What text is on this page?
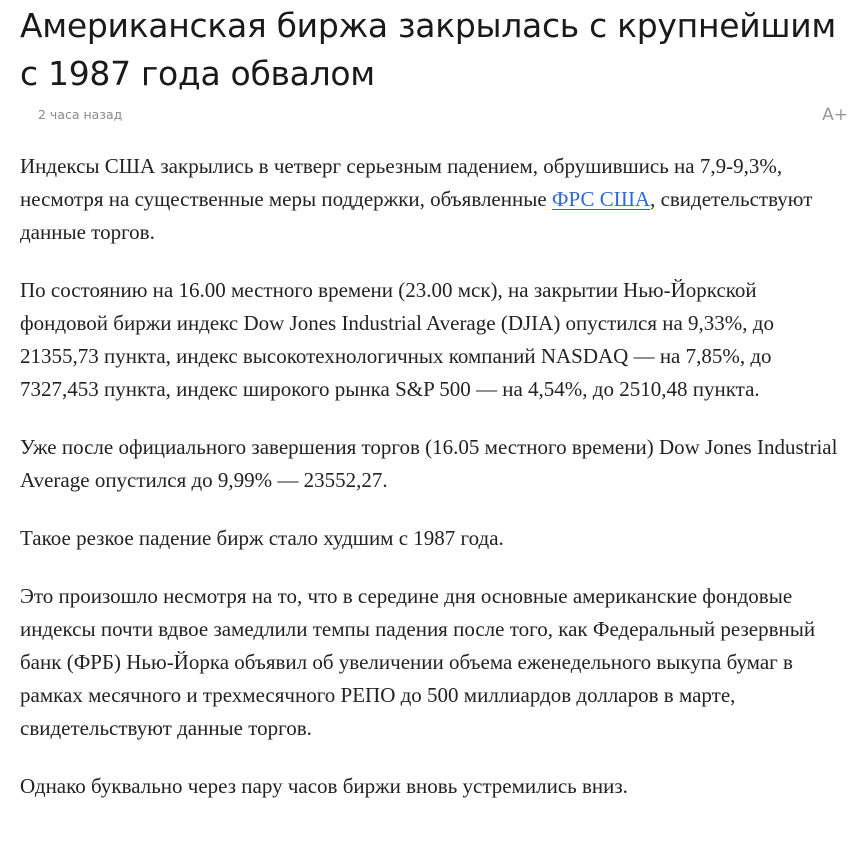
Американская биржа закрылась с крупнейшим с 1987 года обвалом
2 часа назад	А+

Индексы США закрылись в четверг серьезным падением, обрушившись на 7,9-9,3%, несмотря на существенные меры поддержки, объявленные ФРС США, свидетельствуют данные торгов.

По состоянию на 16.00 местного времени (23.00 мск), на закрытии Нью-Йоркской фондовой биржи индекс Dow Jones Industrial Average (DJIA) опустился на 9,33%, до 21355,73 пункта, индекс высокотехнологичных компаний NASDAQ — на 7,85%, до 7327,453 пункта, индекс широкого рынка S&P 500 — на 4,54%, до 2510,48 пункта.

Уже после официального завершения торгов (16.05 местного времени) Dow Jones Industrial Average опустился до 9,99% — 23552,27.

Такое резкое падение бирж стало худшим с 1987 года.

Это произошло несмотря на то, что в середине дня основные американские фондовые индексы почти вдвое замедлили темпы падения после того, как Федеральный резервный банк (ФРБ) Нью-Йорка объявил об увеличении объема еженедельного выкупа бумаг в рамках месячного и трехмесячного РЕПО до 500 миллиардов долларов в марте, свидетельствуют данные торгов.

Однако буквально через пару часов биржи вновь устремились вниз.
